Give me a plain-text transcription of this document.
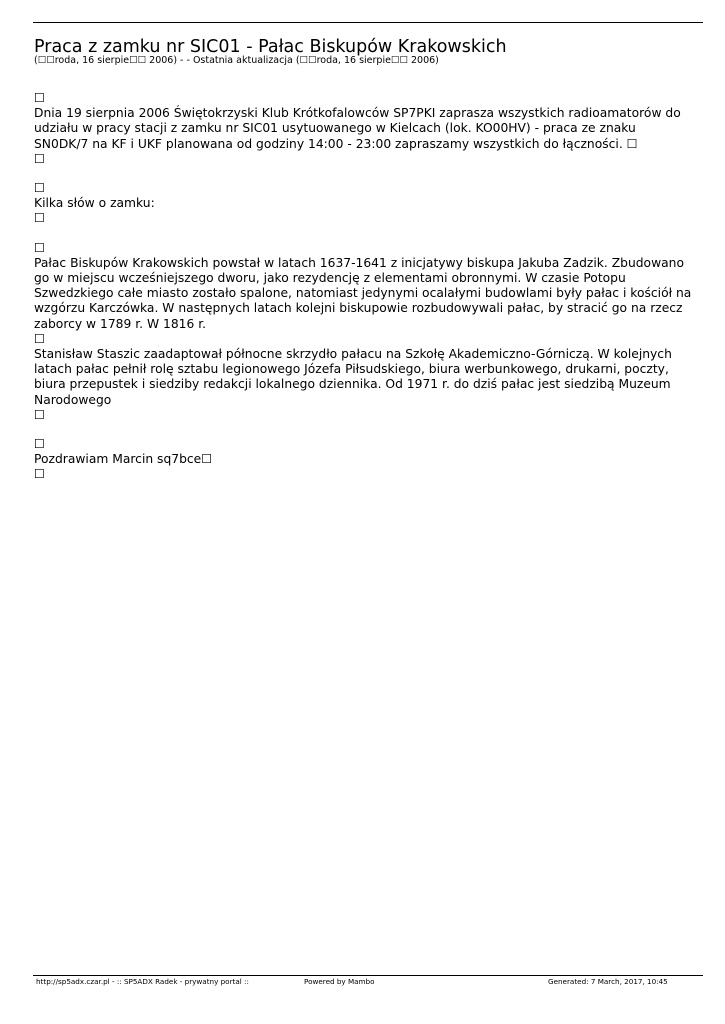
Praca z zamku nr SIC01 - Pałac Biskupów Krakowskich
(☐☐roda, 16 sierpie☐☐ 2006) - - Ostatnia aktualizacja (☐☐roda, 16 sierpie☐☐ 2006)
☐
Dnia 19 sierpnia 2006 Świętokrzyski Klub Krótkofalowców SP7PKI zaprasza wszystkich radioamatorów do udziału w pracy stacji z zamku nr SIC01 usytuowanego w Kielcach (lok. KO00HV) - praca ze znaku SN0DK/7 na KF i UKF planowana od godziny 14:00 - 23:00 zapraszamy wszystkich do łączności. ☐
☐
☐
Kilka słów o zamku:
☐
☐
Pałac Biskupów Krakowskich powstał w latach 1637-1641 z inicjatywy biskupa Jakuba Zadzik. Zbudowano go w miejscu wcześniejszego dworu, jako rezydencję z elementami obronnymi. W czasie Potopu Szwedzkiego całe miasto zostało spalone, natomiast jedynymi ocalałymi budowlami były pałac i kościół na wzgórzu Karczówka. W następnych latach kolejni biskupowie rozbudowywali pałac, by stracić go na rzecz zaborcy w 1789 r. W 1816 r.
☐
Stanisław Staszic zaadaptował północne skrzydło pałacu na Szkołę Akademiczno-Górniczą. W kolejnych latach pałac pełnił rolę sztabu legionowego Józefa Piłsudskiego, biura werbunkowego, drukarni, poczty, biura przepustek i siedziby redakcji lokalnego dziennika. Od 1971 r. do dziś pałac jest siedzibą Muzeum Narodowego
☐
☐
Pozdrawiam Marcin sq7bce☐
☐
http://sp5adx.czar.pl - :: SP5ADX Radek - prywatny portal ::	Powered by Mambo	Generated: 7 March, 2017, 10:45
